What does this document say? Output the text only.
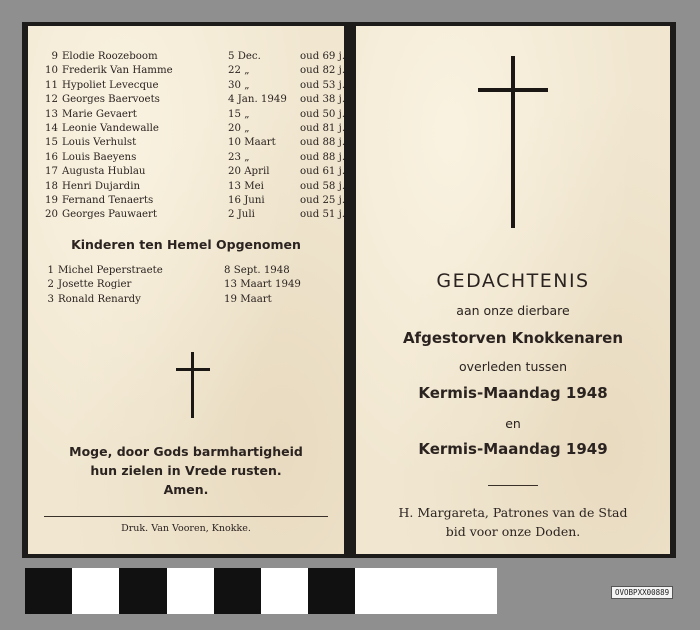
9 Elodie Roozeboom	5 Dec.	oud 69 j.
10 Frederik Van Hamme	22 „	oud 82 j.
11 Hypoliet Levecque	30 „	oud 53 j.
12 Georges Baervoets	4 Jan. 1949 oud 38 j.
13 Marie Gevaert	15 „	oud 50 j.
14 Leonie Vandewalle	20 „	oud 81 j.
15 Louis Verhulst	10 Maart oud 88 j.
16 Louis Baeyens	23 „	oud 88 j.
17 Augusta Hublau	20 April	oud 61 j.
18 Henri Dujardin	13 Mei	oud 58 j.
19 Fernand Tenaerts	16 Juni	oud 25 j.
20 Georges Pauwaert	2 Juli	oud 51 j.
Kinderen ten Hemel Opgenomen
1 Michel Peperstraete	8 Sept. 1948
2 Josette Rogier	13 Maart 1949
3 Ronald Renardy	19 Maart
Moge, door Gods barmhartigheid
hun zielen in Vrede rusten.
Amen.
Druk. Van Vooren, Knokke.
GEDACHTENIS
aan onze dierbare
Afgestorven Knokkenaren
overleden tussen
Kermis-Maandag 1948
en
Kermis-Maandag 1949
H. Margareta, Patrones van de Stad
bid voor onze Doden.
OVOBPXX00889
